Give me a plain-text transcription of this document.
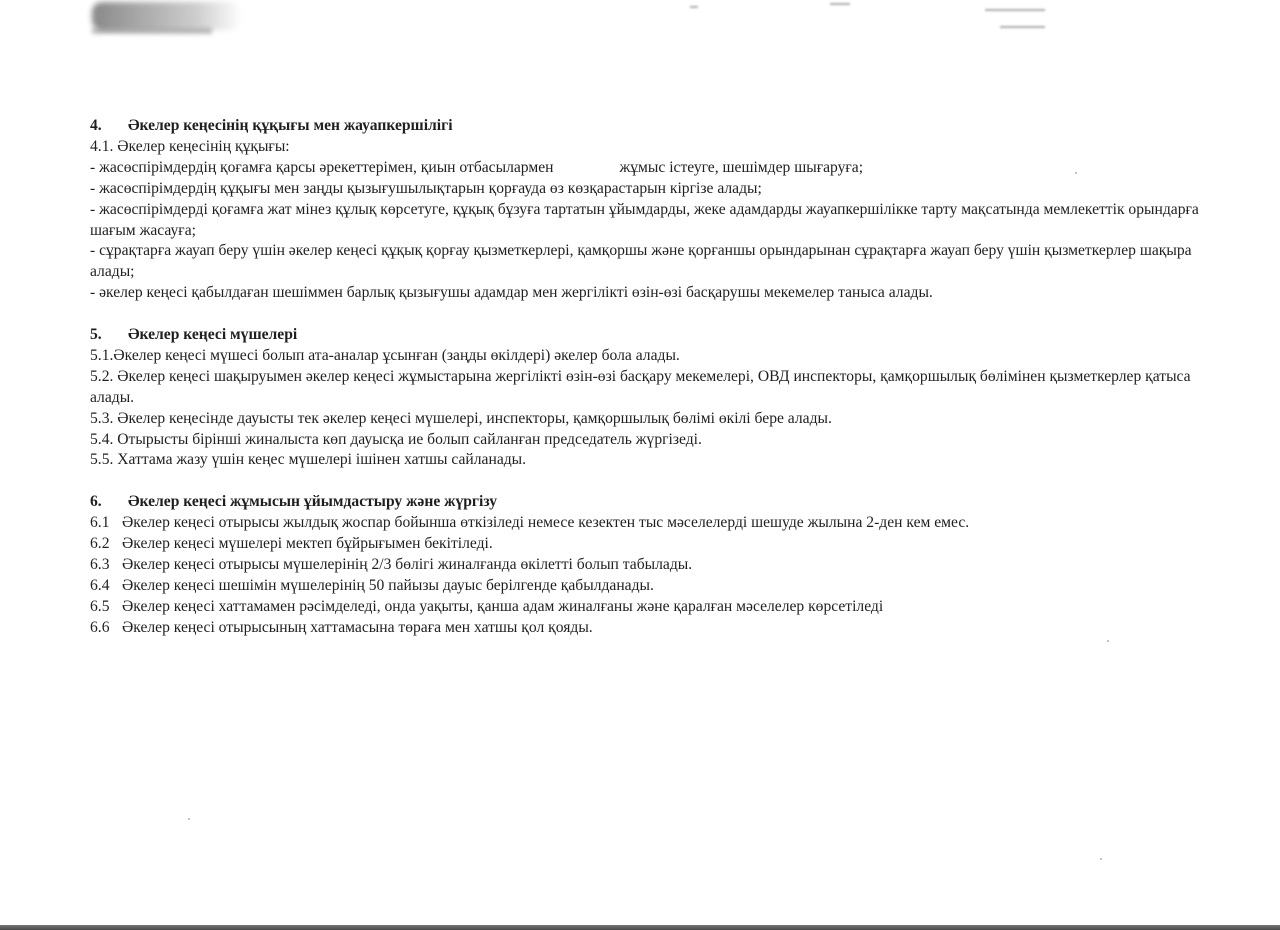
4.	Әкелер кеңесінің құқығы мен жауапкершілігі

4.1. Әкелер кеңесінің құқығы:

- жасөспірімдердің қоғамға қарсы әрекеттерімен, қиын отбасылармен	жұмыс істеуге, шешімдер шығаруға;

- жасөспірімдердің құқығы мен заңды қызығушылықтарын қорғауда өз көзқарастарын кіргізе алады;

- жасөспірімдерді қоғамға жат мінез құлық көрсетуге, құқық бұзуға тартатын ұйымдарды, жеке адамдарды жауапкершілікке тарту мақсатында мемлекеттік орындарға шағым жасауға;

- сұрақтарға жауап беру үшін әкелер кеңесі құқық қорғау қызметкерлері, қамқоршы және қорғаншы орындарынан сұрақтарға жауап беру үшін қызметкерлер шақыра алады;

- әкелер кеңесі қабылдаған шешіммен барлық қызығушы адамдар мен жергілікті өзін-өзі басқарушы мекемелер таныса алады.

5.	Әкелер кеңесі мүшелері

5.1.Әкелер кеңесі мүшесі болып ата-аналар ұсынған (заңды өкілдері) әкелер бола алады.

5.2. Әкелер кеңесі шақыруымен әкелер кеңесі жұмыстарына жергілікті өзін-өзі басқару мекемелері, ОВД инспекторы, қамқоршылық бөлімінен қызметкерлер қатыса алады.

5.3. Әкелер кеңесінде дауысты тек әкелер кеңесі мүшелері, инспекторы, қамқоршылық бөлімі өкілі бере алады.

5.4. Отырысты бірінші жиналыста көп дауысқа ие болып сайланған председатель жүргізеді.

5.5. Хаттама жазу үшін кеңес мүшелері ішінен хатшы сайланады.

6.	Әкелер кеңесі жұмысын ұйымдастыру және жүргізу
6.1 Әкелер кеңесі отырысы жылдық жоспар бойынша өткізіледі немесе кезектен тыс мәселелерді шешуде жылына 2-ден кем емес.
6.2 Әкелер кеңесі мүшелері мектеп бұйрығымен бекітіледі.
6.3 Әкелер кеңесі отырысы мүшелерінің 2/3 бөлігі жиналғанда өкілетті болып табылады.
6.4 Әкелер кеңесі шешімін мүшелерінің 50 пайызы дауыс берілгенде қабылданады.
6.5 Әкелер кеңесі хаттамамен рәсімделеді, онда уақыты, қанша адам жиналғаны және қаралған мәселелер көрсетіледі
6.6 Әкелер кеңесі отырысының хаттамасына төраға мен хатшы қол қояды.
